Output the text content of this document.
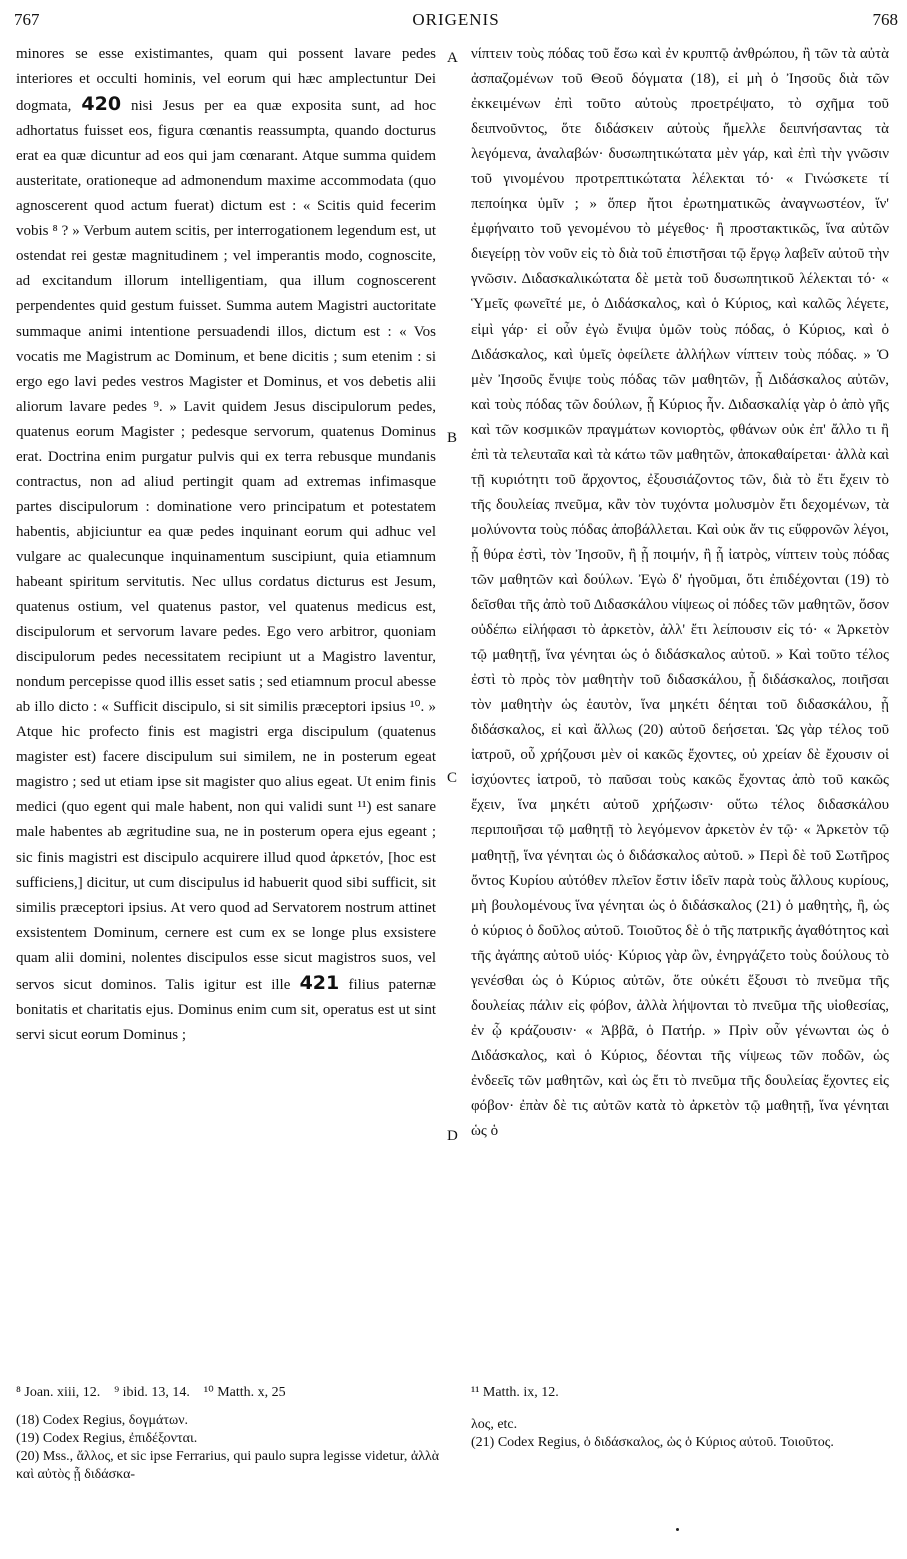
767	ORIGENIS	768

minores se esse existimantes, quam qui possent lavare pedes interiores et occulti hominis, vel eorum qui hæc amplectuntur Dei dogmata, 420 nisi Jesus per ea quæ exposita sunt, ad hoc adhortatus fuisset eos, figura cœnantis reassumpta, quando docturus erat ea quæ dicuntur ad eos qui jam cœnarant. Atque summa quidem austeritate, orationeque ad admonendum maxime accommodata (quo agnoscerent quod actum fuerat) dictum est : « Scitis quid fecerim vobis ⁸ ? » Verbum autem scitis, per interrogationem legendum est, ut ostendat rei gestæ magnitudinem ; vel imperantis modo, cognoscite, ad excitandum illorum intelligentiam, qua illum cognoscerent perpendentes quid gestum fuisset. Summa autem Magistri auctoritate summaque animi intentione persuadendi illos, dictum est : « Vos vocatis me Magistrum ac Dominum, et bene dicitis ; sum etenim : si ergo ego lavi pedes vestros Magister et Dominus, et vos debetis alii aliorum lavare pedes ⁹. » Lavit quidem Jesus discipulorum pedes, quatenus eorum Magister ; pedesque servorum, quatenus Dominus erat. Doctrina enim purgatur pulvis qui ex terra rebusque mundanis contractus, non ad aliud pertingit quam ad extremas infimasque partes discipulorum : dominatione vero principatum et potestatem habentis, abjiciuntur ea quæ pedes inquinant eorum qui adhuc vel vulgare ac qualecunque inquinamentum suscipiunt, quia etiamnum habeant spiritum servitutis. Nec ullus cordatus dicturus est Jesum, quatenus ostium, vel quatenus pastor, vel quatenus medicus est, discipulorum et servorum lavare pedes. Ego vero arbitror, quoniam discipulorum pedes necessitatem recipiunt ut a Magistro laventur, nondum percepisse quod illis esset satis ; sed etiamnum procul abesse ab illo dicto : « Sufficit discipulo, si sit similis præceptori ipsius ¹⁰. » Atque hic profecto finis est magistri erga discipulum (quatenus magister est) facere discipulum sui similem, ne in posterum egeat magistro ; sed ut etiam ipse sit magister quo alius egeat. Ut enim finis medici (quo egent qui male habent, non qui validi sunt ¹¹) est sanare male habentes ab ægritudine sua, ne in posterum opera ejus egeant ; sic finis magistri est discipulo acquirere illud quod ἀρκετόν, [hoc est sufficiens,] dicitur, ut cum discipulus id habuerit quod sibi sufficit, sit similis præceptori ipsius. At vero quod ad Servatorem nostrum attinet exsistentem Dominum, cernere est cum ex se longe plus exsistere quam alii domini, nolentes discipulos esse sicut magistros suos, vel servos sicut dominos. Talis igitur est ille 421 filius paternæ bonitatis et charitatis ejus. Dominus enim cum sit, operatus est ut sint servi sicut eorum Dominus ;

A
B
C
D

νίπτειν τοὺς πόδας τοῦ ἔσω καὶ ἐν κρυπτῷ ἀνθρώπου, ἢ τῶν τὰ αὐτὰ ἀσπαζομένων τοῦ Θεοῦ δόγματα (18), εἰ μὴ ὁ Ἰησοῦς διὰ τῶν ἐκκειμένων ἐπὶ τοῦτο αὐτοὺς προετρέψατο, τὸ σχῆμα τοῦ δειπνοῦντος, ὅτε διδάσκειν αὐτοὺς ἤμελλε δειπνήσαντας τὰ λεγόμενα, ἀναλαβών· δυσωπητικώτατα μὲν γάρ, καὶ ἐπὶ τὴν γνῶσιν τοῦ γινομένου προτρεπτικώτατα λέλεκται τό· « Γινώσκετε τί πεποίηκα ὑμῖν ; » ὅπερ ἤτοι ἐρωτηματικῶς ἀναγνωστέον, ἵν' ἐμφήναιτο τοῦ γενομένου τὸ μέγεθος· ἢ προστακτικῶς, ἵνα αὐτῶν διεγείρῃ τὸν νοῦν εἰς τὸ διὰ τοῦ ἐπιστῆσαι τῷ ἔργῳ λαβεῖν αὐτοῦ τὴν γνῶσιν. Διδασκαλικώτατα δὲ μετὰ τοῦ δυσωπητικοῦ λέλεκται τό· « Ὑμεῖς φωνεῖτέ με, ὁ Διδάσκαλος, καὶ ὁ Κύριος, καὶ καλῶς λέγετε, εἰμὶ γάρ· εἰ οὖν ἐγὼ ἔνιψα ὑμῶν τοὺς πόδας, ὁ Κύριος, καὶ ὁ Διδάσκαλος, καὶ ὑμεῖς ὀφείλετε ἀλλήλων νίπτειν τοὺς πόδας. » Ὁ μὲν Ἰησοῦς ἔνιψε τοὺς πόδας τῶν μαθητῶν, ᾗ Διδάσκαλος αὐτῶν, καὶ τοὺς πόδας τῶν δούλων, ᾗ Κύριος ἦν. Διδασκαλίᾳ γὰρ ὁ ἀπὸ γῆς καὶ τῶν κοσμικῶν πραγμάτων κονιορτὸς, φθάνων οὐκ ἐπ' ἄλλο τι ἢ ἐπὶ τὰ τελευταῖα καὶ τὰ κάτω τῶν μαθητῶν, ἀποκαθαίρεται· ἀλλὰ καὶ τῇ κυριότητι τοῦ ἄρχοντος, ἐξουσιάζοντος τῶν, διὰ τὸ ἔτι ἔχειν τὸ τῆς δουλείας πνεῦμα, κἂν τὸν τυχόντα μολυσμὸν ἔτι δεχομένων, τὰ μολύνοντα τοὺς πόδας ἀποβάλλεται. Καὶ οὐκ ἄν τις εὔφρονῶν λέγοι, ᾗ θύρα ἐστὶ, τὸν Ἰησοῦν, ἢ ᾗ ποιμήν, ἢ ᾗ ἰατρὸς, νίπτειν τοὺς πόδας τῶν μαθητῶν καὶ δούλων. Ἐγὼ δ' ἡγοῦμαι, ὅτι ἐπιδέχονται (19) τὸ δεῖσθαι τῆς ἀπὸ τοῦ Διδασκάλου νίψεως οἱ πόδες τῶν μαθητῶν, ὅσον οὐδέπω εἰλήφασι τὸ ἀρκετὸν, ἀλλ' ἔτι λείπουσιν εἰς τό· « Ἀρκετὸν τῷ μαθητῇ, ἵνα γένηται ὡς ὁ διδάσκαλος αὐτοῦ. » Καὶ τοῦτο τέλος ἐστὶ τὸ πρὸς τὸν μαθητὴν τοῦ διδασκάλου, ᾗ διδάσκαλος, ποιῆσαι τὸν μαθητὴν ὡς ἑαυτὸν, ἵνα μηκέτι δέηται τοῦ διδασκάλου, ᾗ διδάσκαλος, εἰ καὶ ἄλλως (20) αὐτοῦ δεήσεται. Ὡς γὰρ τέλος τοῦ ἰατροῦ, οὗ χρήζουσι μὲν οἱ κακῶς ἔχοντες, οὐ χρείαν δὲ ἔχουσιν οἱ ἰσχύοντες ἰατροῦ, τὸ παῦσαι τοὺς κακῶς ἔχοντας ἀπὸ τοῦ κακῶς ἔχειν, ἵνα μηκέτι αὐτοῦ χρήζωσιν· οὕτω τέλος διδασκάλου περιποιῆσαι τῷ μαθητῇ τὸ λεγόμενον ἀρκετὸν ἐν τῷ· « Ἀρκετὸν τῷ μαθητῇ, ἵνα γένηται ὡς ὁ διδάσκαλος αὐτοῦ. » Περὶ δὲ τοῦ Σωτῆρος ὄντος Κυρίου αὐτόθεν πλεῖον ἔστιν ἰδεῖν παρὰ τοὺς ἄλλους κυρίους, μὴ βουλομένους ἵνα γένηται ὡς ὁ διδάσκαλος (21) ὁ μαθητὴς, ἢ, ὡς ὁ κύριος ὁ δοῦλος αὐτοῦ. Τοιοῦτος δὲ ὁ τῆς πατρικῆς ἀγαθότητος καὶ τῆς ἀγάπης αὐτοῦ υἱός· Κύριος γὰρ ὢν, ἐνηργάζετο τοὺς δούλους τὸ γενέσθαι ὡς ὁ Κύριος αὐτῶν, ὅτε οὐκέτι ἕξουσι τὸ πνεῦμα τῆς δουλείας πάλιν εἰς φόβον, ἀλλὰ λήψονται τὸ πνεῦμα τῆς υἱοθεσίας, ἐν ᾧ κράζουσιν· « Ἀββᾶ, ὁ Πατήρ. » Πρὶν οὖν γένωνται ὡς ὁ Διδάσκαλος, καὶ ὁ Κύριος, δέονται τῆς νίψεως τῶν ποδῶν, ὡς ἐνδεεῖς τῶν μαθητῶν, καὶ ὡς ἔτι τὸ πνεῦμα τῆς δουλείας ἔχοντες εἰς φόβον· ἐπὰν δὲ τις αὐτῶν κατὰ τὸ ἀρκετὸν τῷ μαθητῇ, ἵνα γένηται ὡς ὁ

⁸ Joan. xiii, 12. ⁹ ibid. 13, 14. ¹⁰ Matth. x, 25
(18) Codex Regius, δογμάτων.
(19) Codex Regius, ἐπιδέξονται.
(20) Mss., ἄλλος, et sic ipse Ferrarius, qui paulo supra legisse videtur, ἀλλὰ καὶ αὐτὸς ᾗ διδάσκα-
¹¹ Matth. ix, 12.
λος, etc.
(21) Codex Regius, ὁ διδάσκαλος, ὡς ὁ Κύριος αὐτοῦ. Τοιοῦτος.
